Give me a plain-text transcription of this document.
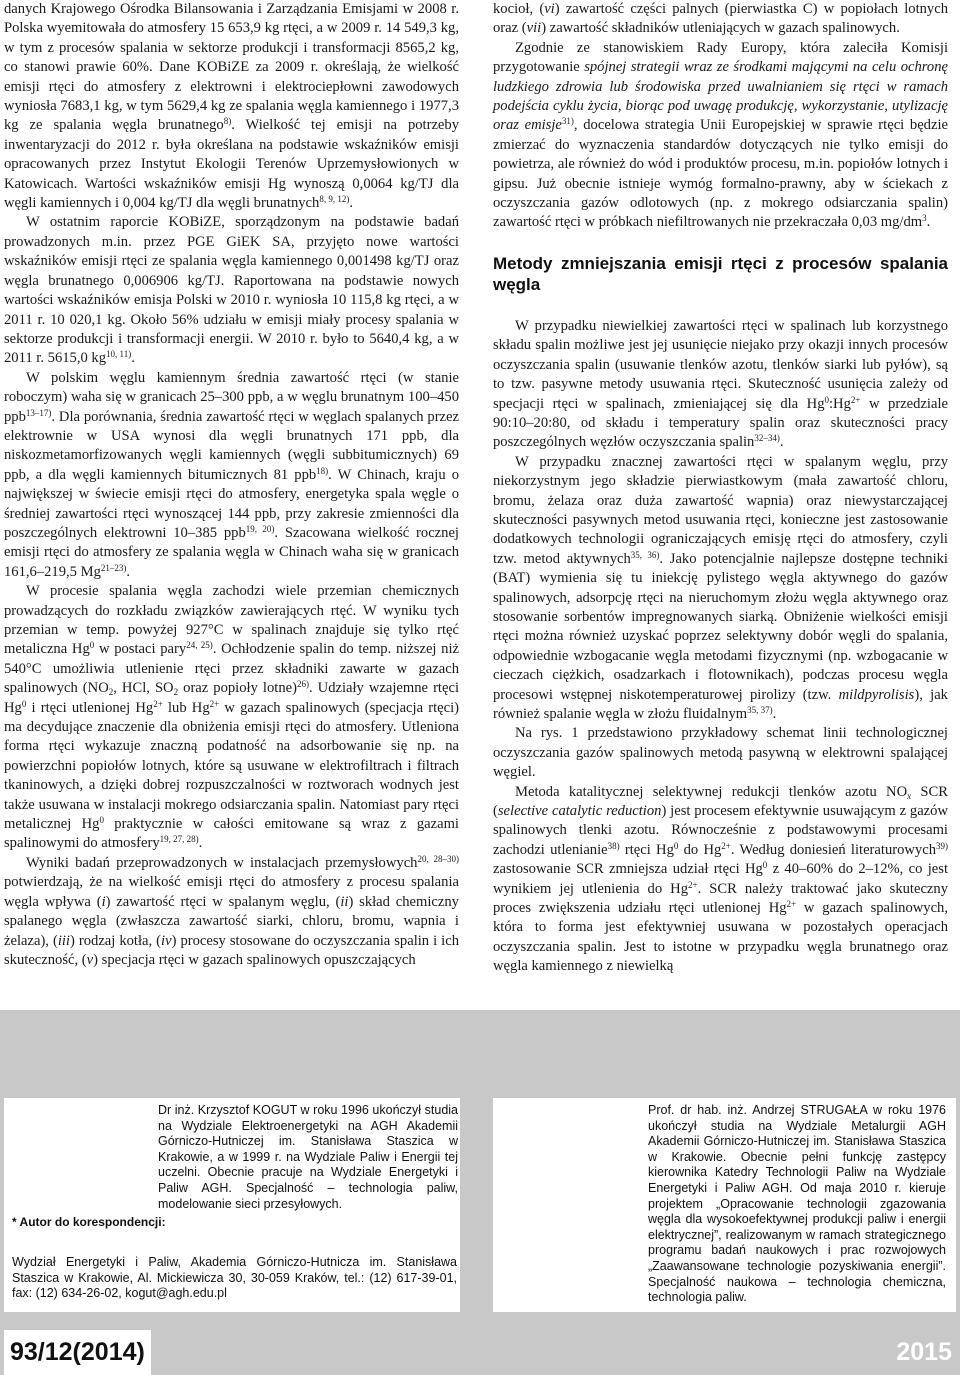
danych Krajowego Ośrodka Bilansowania i Zarządzania Emisjami w 2008 r. Polska wyemitowała do atmosfery 15 653,9 kg rtęci, a w 2009 r. 14 549,3 kg, w tym z procesów spalania w sektorze produkcji i transformacji 8565,2 kg, co stanowi prawie 60%. Dane KOBiZE za 2009 r. określają, że wielkość emisji rtęci do atmosfery z elektrowni i elektrociepłowni zawodowych wyniosła 7683,1 kg, w tym 5629,4 kg ze spalania węgla kamiennego i 1977,3 kg ze spalania węgla brunatnego$^{8)}$. Wielkość tej emisji na potrzeby inwentaryzacji do 2012 r. była określana na podstawie wskaźników emisji opracowanych przez Instytut Ekologii Terenów Uprzemysłowionych w Katowicach. Wartości wskaźników emisji Hg wynoszą 0,0064 kg/TJ dla węgli kamiennych i 0,004 kg/TJ dla węgli brunatnych$^{8, 9, 12)}$.

W ostatnim raporcie KOBiZE, sporządzonym na podstawie badań prowadzonych m.in. przez PGE GiEK SA, przyjęto nowe wartości wskaźników emisji rtęci ze spalania węgla kamiennego 0,001498 kg/TJ oraz węgla brunatnego 0,006906 kg/TJ. Raportowana na podstawie nowych wartości wskaźników emisja Polski w 2010 r. wyniosła 10 115,8 kg rtęci, a w 2011 r. 10 020,1 kg. Około 56% udziału w emisji miały procesy spalania w sektorze produkcji i transformacji energii. W 2010 r. było to 5640,4 kg, a w 2011 r. 5615,0 kg$^{10, 11)}$.

W polskim węglu kamiennym średnia zawartość rtęci (w stanie roboczym) waha się w granicach 25–300 ppb, a w węglu brunatnym 100–450 ppb$^{13-17)}$. Dla porównania, średnia zawartość rtęci w węglach spalanych przez elektrownie w USA wynosi dla węgli brunatnych 171 ppb, dla niskozmetamorfizowanych węgli kamiennych (węgli subbitumicznych) 69 ppb, a dla węgli kamiennych bitumicznych 81 ppb$^{18)}$. W Chinach, kraju o największej w świecie emisji rtęci do atmosfery, energetyka spala węgle o średniej zawartości rtęci wynoszącej 144 ppb, przy zakresie zmienności dla poszczególnych elektrowni 10–385 ppb$^{19, 20)}$. Szacowana wielkość rocznej emisji rtęci do atmosfery ze spalania węgla w Chinach waha się w granicach 161,6–219,5 Mg$^{21-23)}$.

W procesie spalania węgla zachodzi wiele przemian chemicznych prowadzących do rozkładu związków zawierających rtęć. W wyniku tych przemian w temp. powyżej 927°C w spalinach znajduje się tylko rtęć metaliczna Hg$^0$ w postaci pary$^{24, 25)}$. Ochłodzenie spalin do temp. niższej niż 540°C umożliwia utlenienie rtęci przez składniki zawarte w gazach spalinowych ($NO_2$, HCl, $SO_2$ oraz popioły lotne)$^{26)}$. Udziały wzajemne rtęci Hg$^0$ i rtęci utlenionej $Hg^{2+}$ lub $Hg^{2+}$ w gazach spalinowych (specjacja rtęci) ma decydujące znaczenie dla obniżenia emisji rtęci do atmosfery. Utleniona forma rtęci wykazuje znaczną podatność na adsorbowanie się np. na powierzchni popiołów lotnych, które są usuwane w elektrofiltrach i filtrach tkaninowych, a dzięki dobrej rozpuszczalności w roztworach wodnych jest także usuwana w instalacji mokrego odsiarczania spalin. Natomiast pary rtęci metalicznej Hg$^0$ praktycznie w całości emitowane są wraz z gazami spalinowymi do atmosfery$^{19, 27, 28)}$.

Wyniki badań przeprowadzonych w instalacjach przemysłowych$^{20, 28-30)}$ potwierdzają, że na wielkość emisji rtęci do atmosfery z procesu spalania węgla wpływa (i) zawartość rtęci w spalanym węglu, (ii) skład chemiczny spalanego węgla (zwłaszcza zawartość siarki, chloru, bromu, wapnia i żelaza), (iii) rodzaj kotła, (iv) procesy stosowane do oczyszczania spalin i ich skuteczność, (v) specjacja rtęci w gazach spalinowych opuszczających

kocioł, (vi) zawartość części palnych (pierwiastka C) w popiołach lotnych oraz (vii) zawartość składników utleniających w gazach spalinowych.

Zgodnie ze stanowiskiem Rady Europy, która zaleciła Komisji przygotowanie spójnej strategii wraz ze środkami mającymi na celu ochronę ludzkiego zdrowia lub środowiska przed uwalnianiem się rtęci w ramach podejścia cyklu życia, biorąc pod uwagę produkcję, wykorzystanie, utylizację oraz emisje$^{31)}$, docelowa strategia Unii Europejskiej w sprawie rtęci będzie zmierzać do wyznaczenia standardów dotyczących nie tylko emisji do powietrza, ale również do wód i produktów procesu, m.in. popiołów lotnych i gipsu. Już obecnie istnieje wymóg formalno-prawny, aby w ściekach z oczyszczania gazów odlotowych (np. z mokrego odsiarczania spalin) zawartość rtęci w próbkach niefiltrowanych nie przekraczała 0,03 $mg/dm^3$.

Metody zmniejszania emisji rtęci z procesów spalania węgla

W przypadku niewielkiej zawartości rtęci w spalinach lub korzystnego składu spalin możliwe jest jej usunięcie niejako przy okazji innych procesów oczyszczania spalin (usuwanie tlenków azotu, tlenków siarki lub pyłów), są to tzw. pasywne metody usuwania rtęci. Skuteczność usunięcia zależy od specjacji rtęci w spalinach, zmieniającej się dla $Hg^0:Hg^{2+}$ w przedziale 90:10–20:80, od składu i temperatury spalin oraz skuteczności pracy poszczególnych węzłów oczyszczania spalin$^{32-34)}$.

W przypadku znacznej zawartości rtęci w spalanym węglu, przy niekorzystnym jego składzie pierwiastkowym (mała zawartość chloru, bromu, żelaza oraz duża zawartość wapnia) oraz niewystarczającej skuteczności pasywnych metod usuwania rtęci, konieczne jest zastosowanie dodatkowych technologii ograniczających emisję rtęci do atmosfery, czyli tzw. metod aktywnych$^{35, 36)}$. Jako potencjalnie najlepsze dostępne techniki (BAT) wymienia się tu iniekcję pylistego węgla aktywnego do gazów spalinowych, adsorpcję rtęci na nieruchomym złożu węgla aktywnego oraz stosowanie sorbentów impregnowanych siarką. Obniżenie wielkości emisji rtęci można również uzyskać poprzez selektywny dobór węgli do spalania, odpowiednie wzbogacanie węgla metodami fizycznymi (np. wzbogacanie w cieczach ciężkich, osadzarkach i flotownikach), podczas procesu węgla procesowi wstępnej niskotemperaturowej pirolizy (tzw. mildpyrolisis), jak również spalanie węgla w złożu fluidalnym$^{35, 37)}$.

Na rys. 1 przedstawiono przykładowy schemat linii technologicznej oczyszczania gazów spalinowych metodą pasywną w elektrowni spalającej węgiel.

Metoda katalitycznej selektywnej redukcji tlenków azotu $NO_x$ SCR (selective catalytic reduction) jest procesem efektywnie usuwającym z gazów spalinowych tlenki azotu. Równocześnie z podstawowymi procesami zachodzi utlenianie$^{38)}$ rtęci Hg$^0$ do $Hg^{2+}$. Według doniesień literaturowych$^{39)}$ zastosowanie SCR zmniejsza udział rtęci Hg$^0$ z 40–60% do 2–12%, co jest wynikiem jej utlenienia do $Hg^{2+}$. SCR należy traktować jako skuteczny proces zwiększenia udziału rtęci utlenionej $Hg^{2+}$ w gazach spalinowych, która to forma jest efektywniej usuwana w pozostałych operacjach oczyszczania spalin. Jest to istotne w przypadku węgla brunatnego oraz węgla kamiennego z niewielką

Dr inż. Krzysztof KOGUT w roku 1996 ukończył studia na Wydziale Elektroenergetyki na AGH Akademii Górniczo-Hutniczej im. Stanisława Staszica w Krakowie, a w 1999 r. na Wydziale Paliw i Energii tej uczelni. Obecnie pracuje na Wydziale Energetyki i Paliw AGH. Specjalność – technologia paliw, modelowanie sieci przesyłowych.
* Autor do korespondencji:
Wydział Energetyki i Paliw, Akademia Górniczo-Hutnicza im. Stanisława Staszica w Krakowie, Al. Mickiewicza 30, 30-059 Kraków, tel.: (12) 617-39-01, fax: (12) 634-26-02, kogut@agh.edu.pl
Prof. dr hab. inż. Andrzej STRUGAŁA w roku 1976 ukończył studia na Wydziale Metalurgii AGH Akademii Górniczo-Hutniczej im. Stanisława Staszica w Krakowie. Obecnie pełni funkcję zastępcy kierownika Katedry Technologii Paliw na Wydziale Energetyki i Paliw AGH. Od maja 2010 r. kieruje projektem „Opracowanie technologii zgazowania węgla dla wysokoefektywnej produkcji paliw i energii elektrycznej”, realizowanym w ramach strategicznego programu badań naukowych i prac rozwojowych „Zaawansowane technologie pozyskiwania energii”. Specjalność naukowa – technologia chemiczna, technologia paliw.
93/12(2014)	2015
